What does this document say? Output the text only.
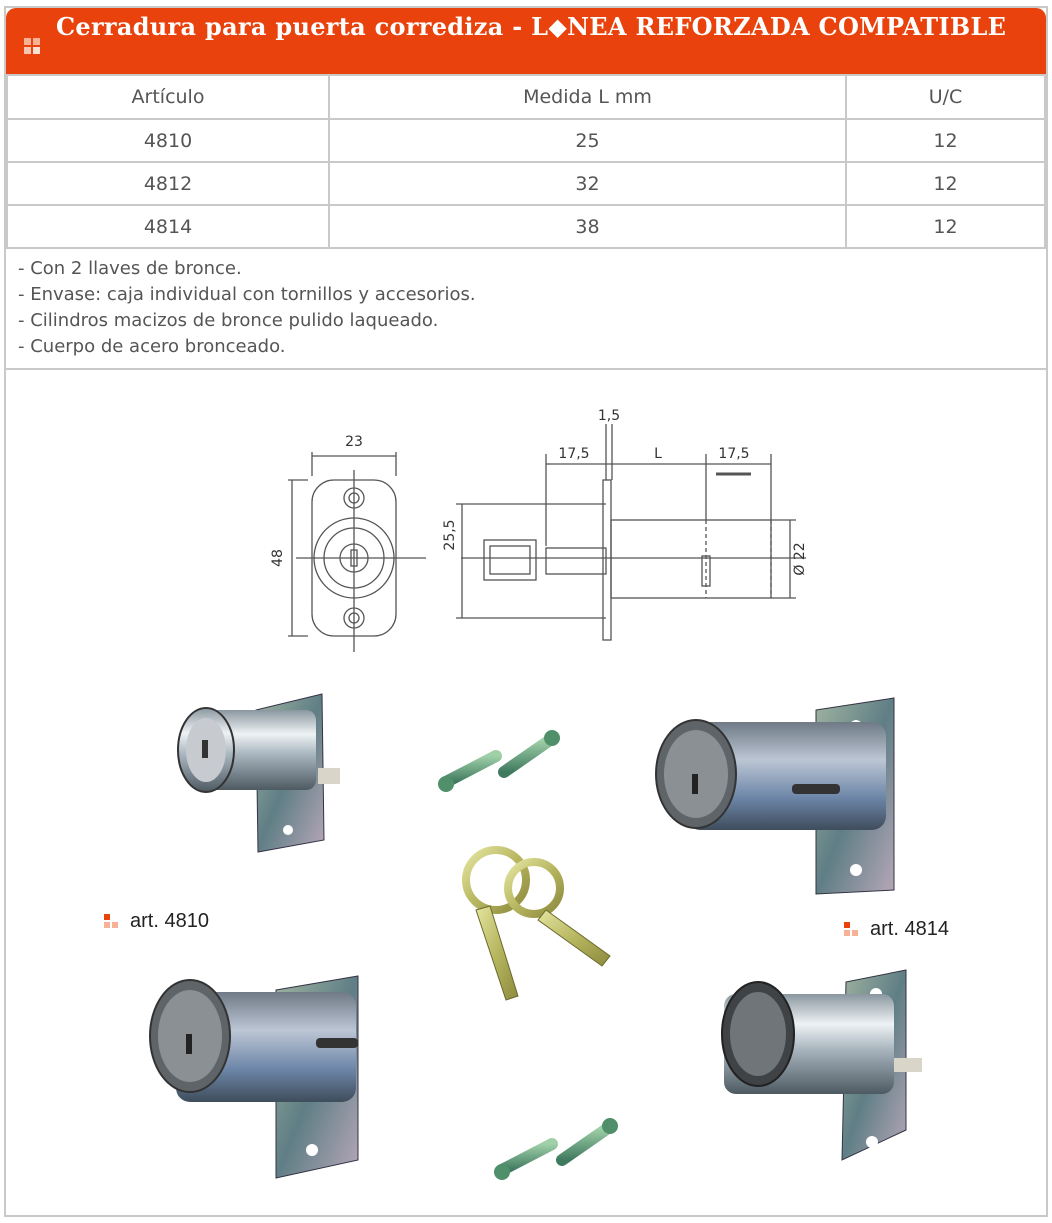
Cerradura para puerta corrediza - L◆NEA REFORZADA COMPATIBLE
Artículo	Medida L mm	U/C
4810	25	12
4812	32	12
4814	38	12
- Con 2 llaves de bronce.
- Envase: caja individual con tornillos y accesorios.
- Cilindros macizos de bronce pulido laqueado.
- Cuerpo de acero bronceado.
23
48
1,5
17,5	L	17,5
25,5
Ø 22
art. 4810	art. 4814
